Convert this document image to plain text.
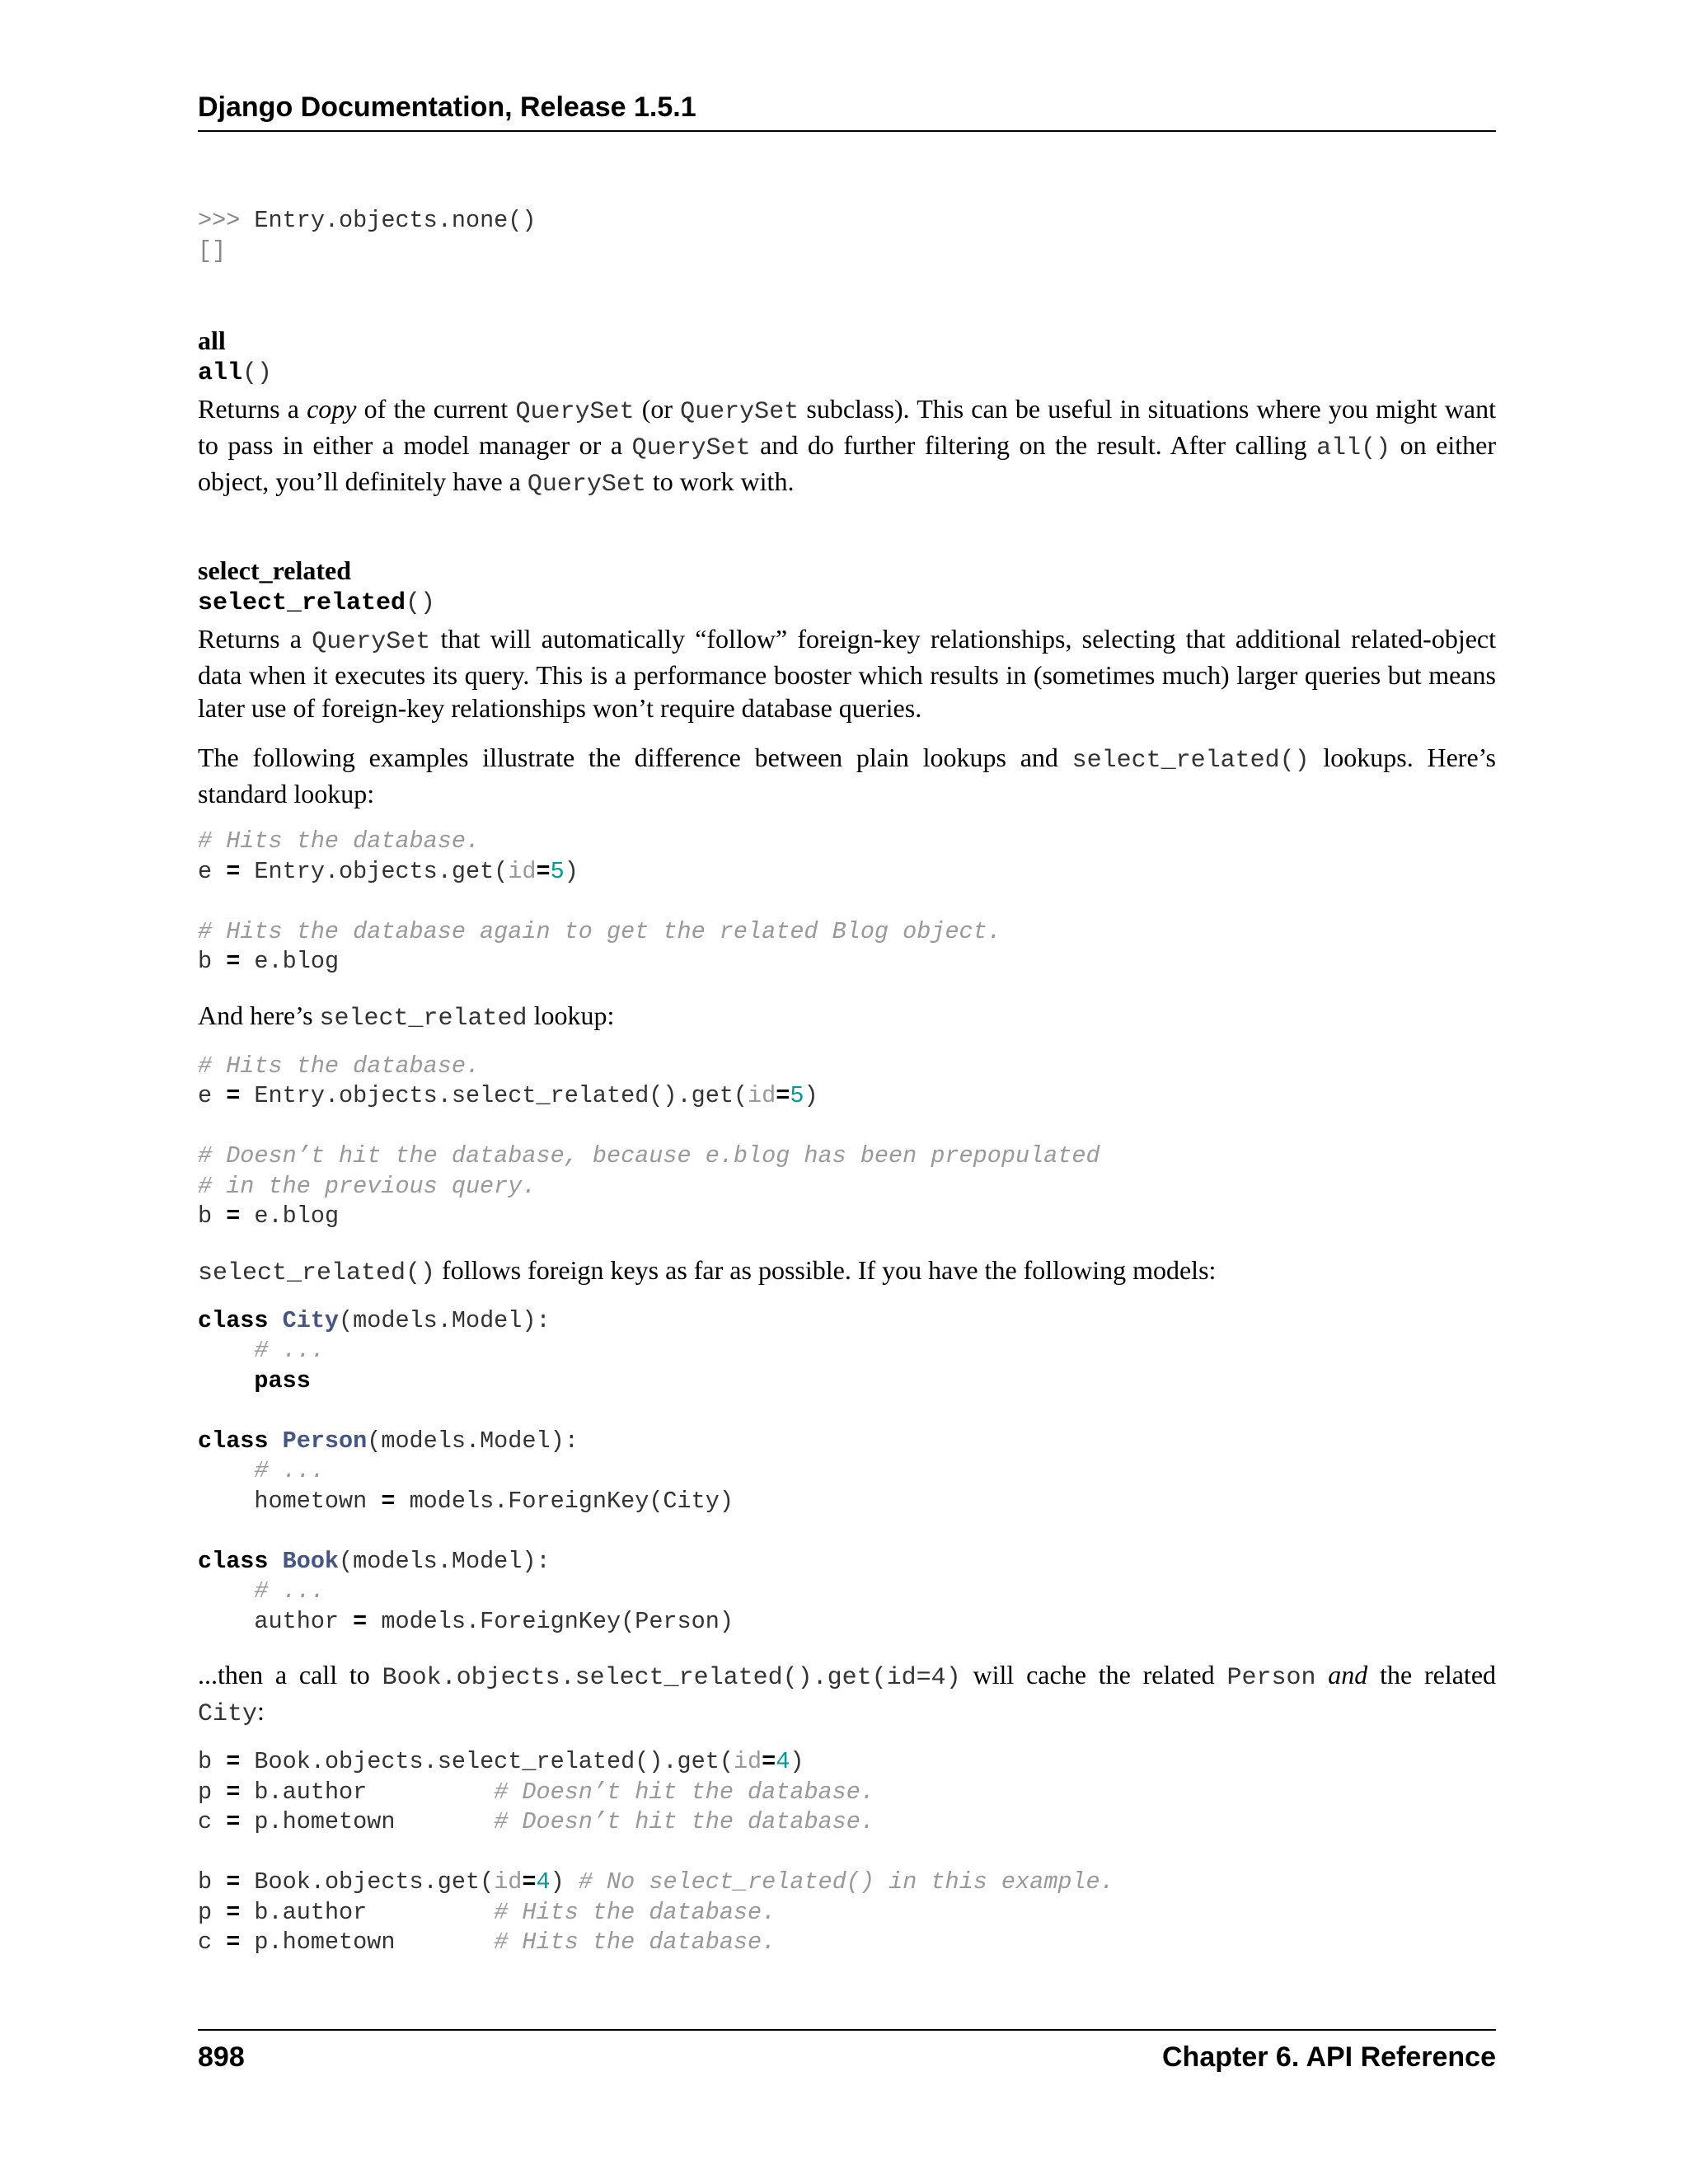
Django Documentation, Release 1.5.1
>>> Entry.objects.none()
[]
all
all()

Returns a copy of the current QuerySet (or QuerySet subclass). This can be useful in situations where you might want to pass in either a model manager or a QuerySet and do further filtering on the result. After calling all() on either object, you’ll definitely have a QuerySet to work with.

select_related
select_related()

Returns a QuerySet that will automatically “follow” foreign-key relationships, selecting that additional related-object data when it executes its query. This is a performance booster which results in (sometimes much) larger queries but means later use of foreign-key relationships won’t require database queries.

The following examples illustrate the difference between plain lookups and select_related() lookups. Here’s standard lookup:

# Hits the database.
e = Entry.objects.get(id=5)

# Hits the database again to get the related Blog object.
b = e.blog

And here’s select_related lookup:

# Hits the database.
e = Entry.objects.select_related().get(id=5)

# Doesn’t hit the database, because e.blog has been prepopulated
# in the previous query.
b = e.blog

select_related() follows foreign keys as far as possible. If you have the following models:

class City(models.Model):
# ...
pass

class Person(models.Model):
# ...
hometown = models.ForeignKey(City)

class Book(models.Model):
# ...
author = models.ForeignKey(Person)

...then a call to Book.objects.select_related().get(id=4) will cache the related Person and the related City:

b = Book.objects.select_related().get(id=4)
p = b.author         # Doesn’t hit the database.
c = p.hometown       # Doesn’t hit the database.

b = Book.objects.get(id=4) # No select_related() in this example.
p = b.author         # Hits the database.
c = p.hometown       # Hits the database.
898	Chapter 6. API Reference
